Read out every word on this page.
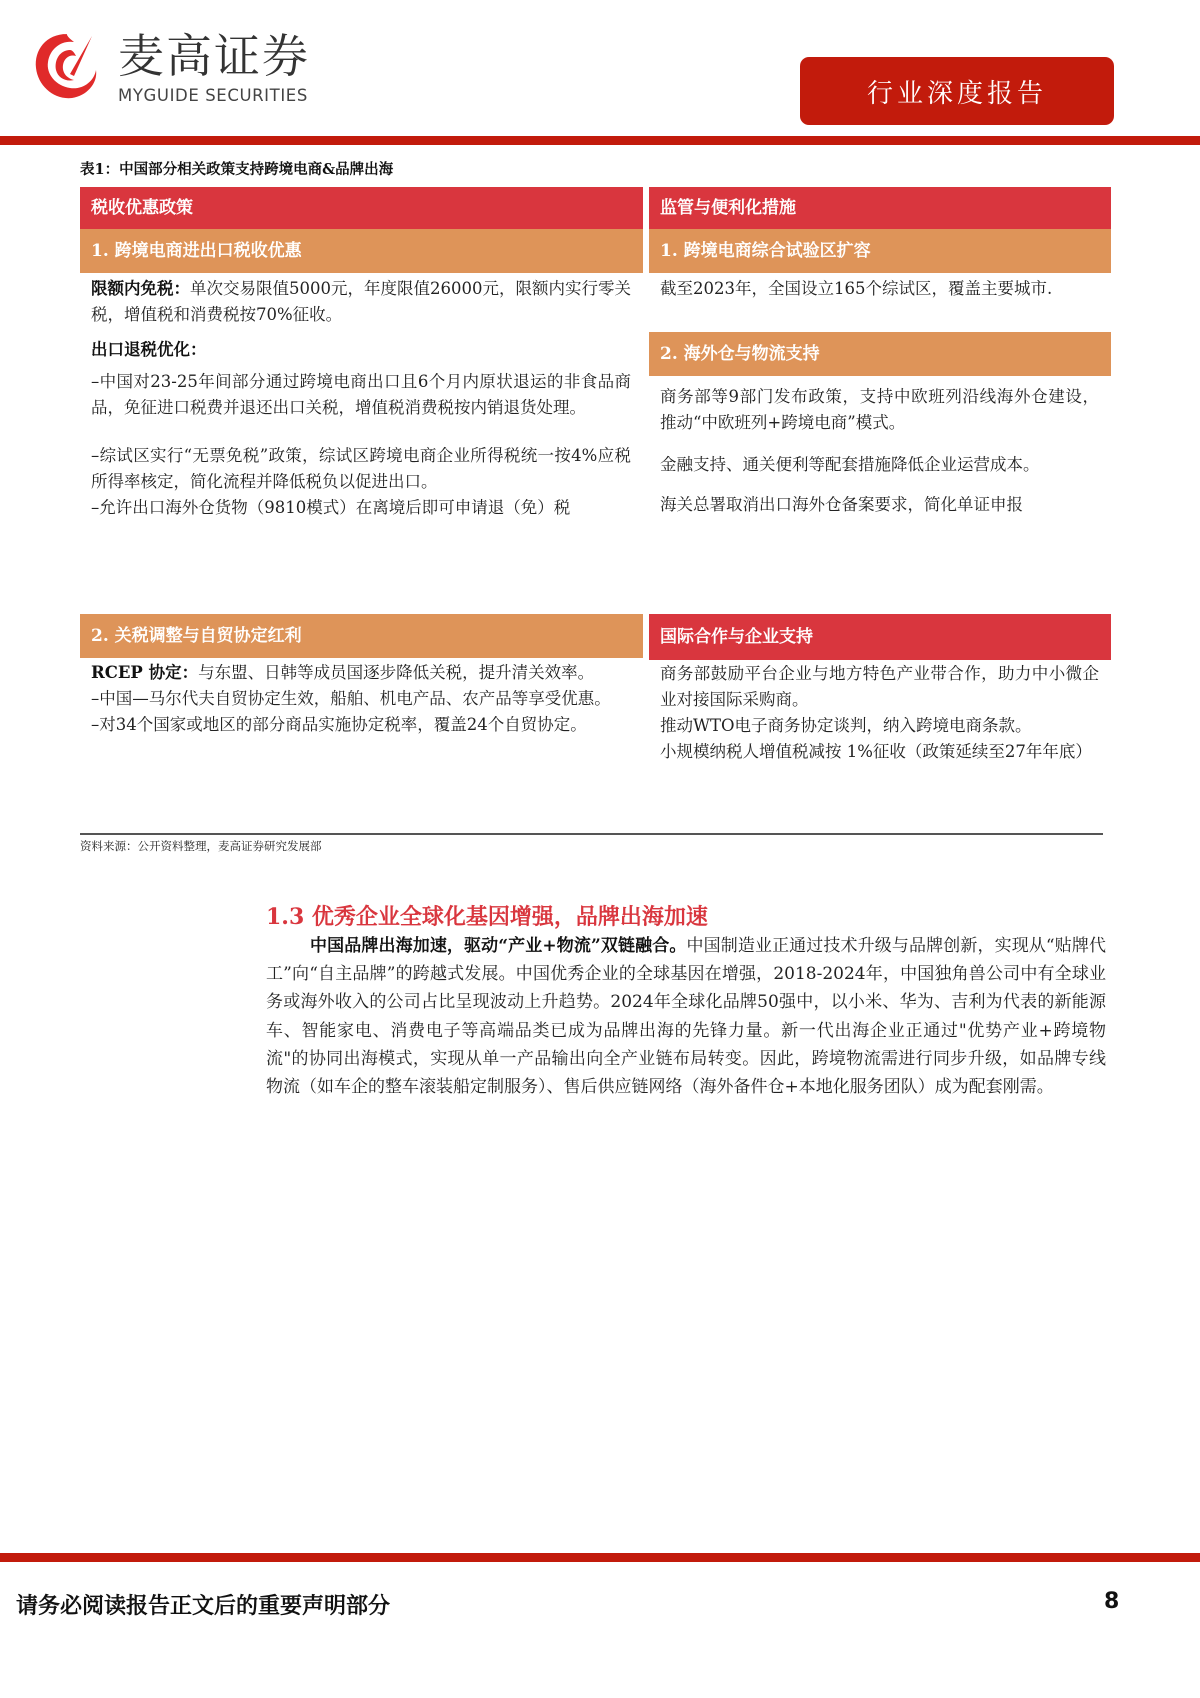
麦高证券
MYGUIDE SECURITIES	行业深度报告
表1：中国部分相关政策支持跨境电商&品牌出海
税收优惠政策
1. 跨境电商进出口税收优惠
限额内免税：单次交易限值5000元，年度限值26000元，限额内实行零关税，增值税和消费税按70%征收。
出口退税优化：
–中国对23-25年间部分通过跨境电商出口且6个月内原状退运的非食品商品，免征进口税费并退还出口关税，增值税消费税按内销退货处理。
–综试区实行“无票免税”政策，综试区跨境电商企业所得税统一按4%应税所得率核定，简化流程并降低税负以促进出口。
–允许出口海外仓货物（9810模式）在离境后即可申请退（免）税
2. 关税调整与自贸协定红利
RCEP 协定：与东盟、日韩等成员国逐步降低关税，提升清关效率。
–中国—马尔代夫自贸协定生效，船舶、机电产品、农产品等享受优惠。
–对34个国家或地区的部分商品实施协定税率，覆盖24个自贸协定。
监管与便利化措施
1. 跨境电商综合试验区扩容
截至2023年，全国设立165个综试区，覆盖主要城市.
2. 海外仓与物流支持
商务部等9部门发布政策，支持中欧班列沿线海外仓建设，推动“中欧班列+跨境电商”模式。
金融支持、通关便利等配套措施降低企业运营成本。
海关总署取消出口海外仓备案要求，简化单证申报
国际合作与企业支持
商务部鼓励平台企业与地方特色产业带合作，助力中小微企业对接国际采购商。
推动WTO电子商务协定谈判，纳入跨境电商条款。
小规模纳税人增值税减按 1%征收（政策延续至27年年底）
资料来源：公开资料整理，麦高证券研究发展部
1.3 优秀企业全球化基因增强，品牌出海加速
中国品牌出海加速，驱动“产业+物流”双链融合。中国制造业正通过技术升级与品牌创新，实现从“贴牌代工”向“自主品牌”的跨越式发展。中国优秀企业的全球基因在增强，2018-2024年，中国独角兽公司中有全球业务或海外收入的公司占比呈现波动上升趋势。2024年全球化品牌50强中，以小米、华为、吉利为代表的新能源车、智能家电、消费电子等高端品类已成为品牌出海的先锋力量。新一代出海企业正通过"优势产业+跨境物流"的协同出海模式，实现从单一产品输出向全产业链布局转变。因此，跨境物流需进行同步升级，如品牌专线物流（如车企的整车滚装船定制服务）、售后供应链网络（海外备件仓+本地化服务团队）成为配套刚需。
请务必阅读报告正文后的重要声明部分	8
